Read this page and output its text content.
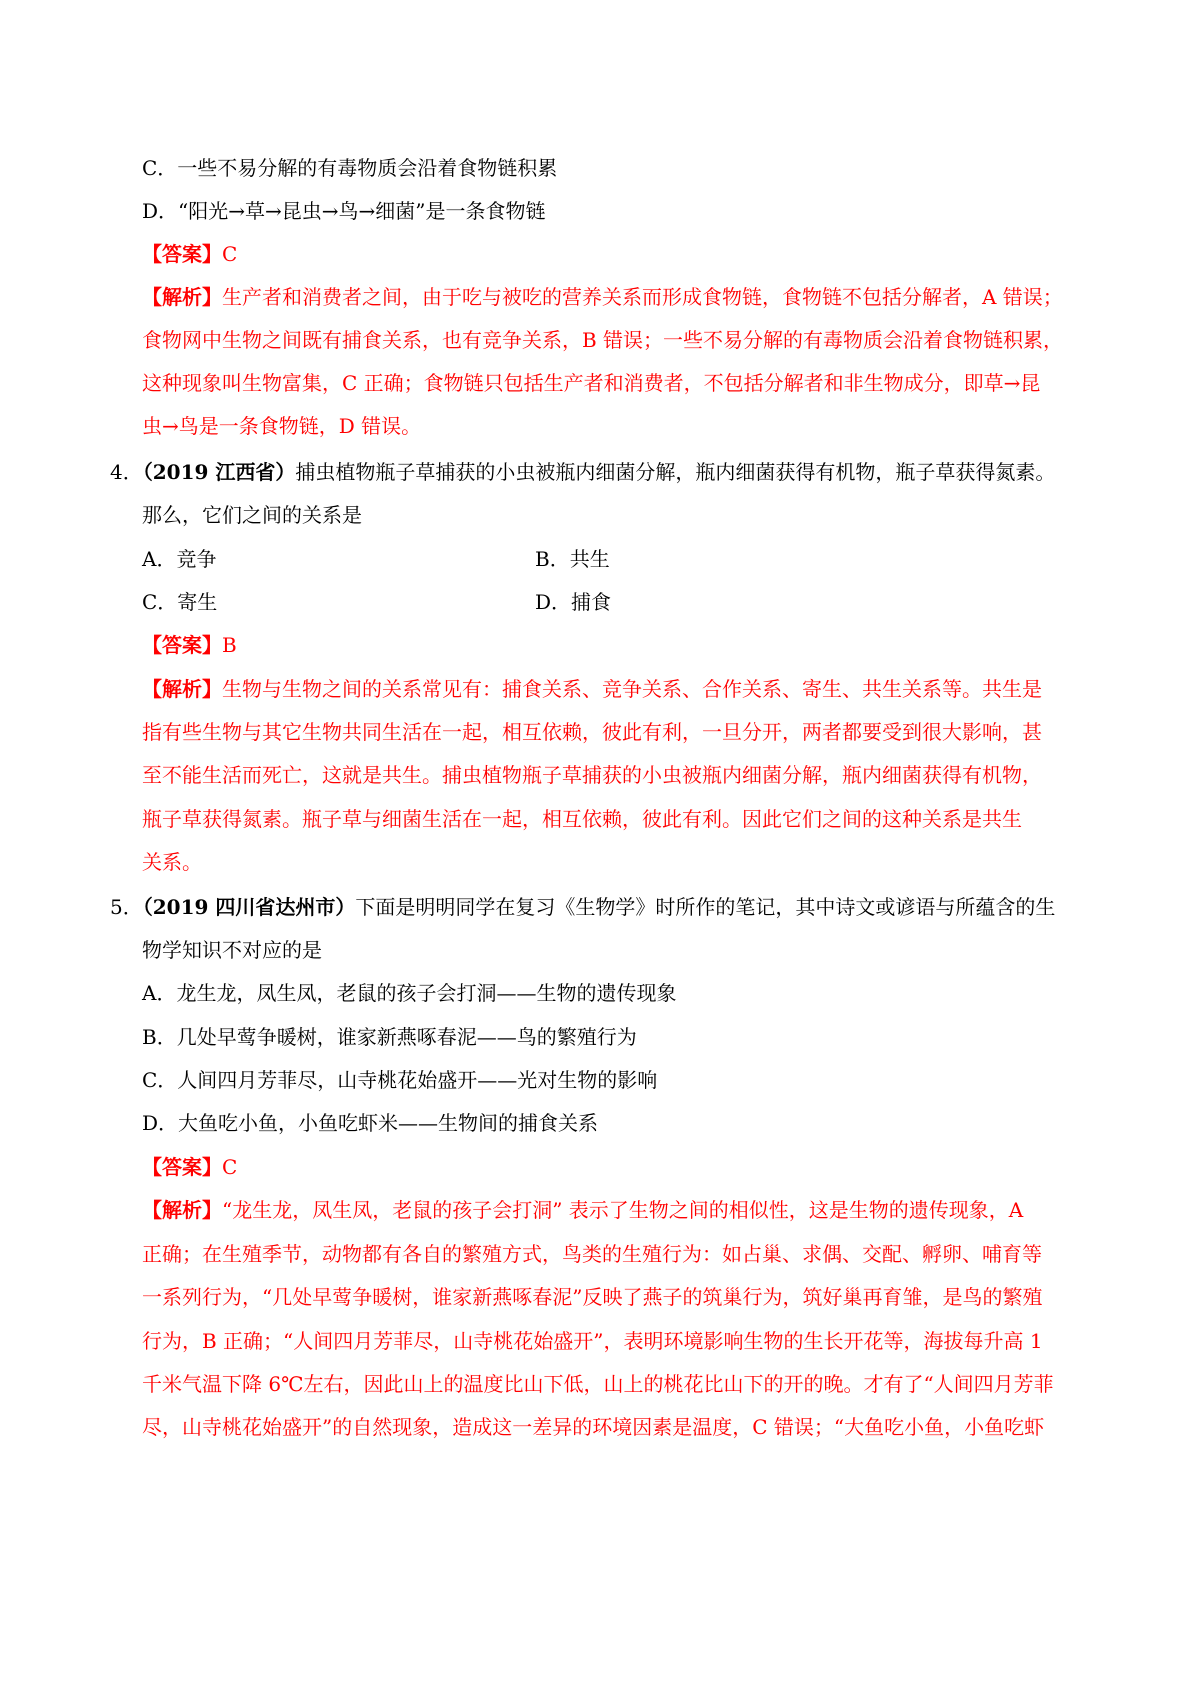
C．一些不易分解的有毒物质会沿着食物链积累
D．“阳光→草→昆虫→鸟→细菌”是一条食物链
【答案】C
【解析】生产者和消费者之间，由于吃与被吃的营养关系而形成食物链，食物链不包括分解者，A 错误；
食物网中生物之间既有捕食关系，也有竞争关系，B 错误；一些不易分解的有毒物质会沿着食物链积累，
这种现象叫生物富集，C 正确；食物链只包括生产者和消费者，不包括分解者和非生物成分，即草→昆
虫→鸟是一条食物链，D 错误。
4．（2019 江西省）捕虫植物瓶子草捕获的小虫被瓶内细菌分解，瓶内细菌获得有机物，瓶子草获得氮素。
那么，它们之间的关系是
A．竞争	B．共生
C．寄生	D．捕食
【答案】B
【解析】生物与生物之间的关系常见有：捕食关系、竞争关系、合作关系、寄生、共生关系等。共生是
指有些生物与其它生物共同生活在一起，相互依赖，彼此有利，一旦分开，两者都要受到很大影响，甚
至不能生活而死亡，这就是共生。捕虫植物瓶子草捕获的小虫被瓶内细菌分解，瓶内细菌获得有机物，
瓶子草获得氮素。瓶子草与细菌生活在一起，相互依赖，彼此有利。因此它们之间的这种关系是共生
关系。
5．（2019 四川省达州市）下面是明明同学在复习《生物学》时所作的笔记，其中诗文或谚语与所蕴含的生
物学知识不对应的是
A．龙生龙，凤生凤，老鼠的孩子会打洞——生物的遗传现象
B．几处早莺争暖树，谁家新燕啄春泥——鸟的繁殖行为
C．人间四月芳菲尽，山寺桃花始盛开——光对生物的影响
D．大鱼吃小鱼，小鱼吃虾米——生物间的捕食关系
【答案】C
【解析】“龙生龙，凤生凤，老鼠的孩子会打洞” 表示了生物之间的相似性，这是生物的遗传现象，A
正确；在生殖季节，动物都有各自的繁殖方式，鸟类的生殖行为：如占巢、求偶、交配、孵卵、哺育等
一系列行为，“几处早莺争暖树，谁家新燕啄春泥”反映了燕子的筑巢行为，筑好巢再育雏，是鸟的繁殖
行为，B 正确；“人间四月芳菲尽，山寺桃花始盛开”，表明环境影响生物的生长开花等，海拔每升高 1
千米气温下降 6℃左右，因此山上的温度比山下低，山上的桃花比山下的开的晚。才有了“人间四月芳菲
尽，山寺桃花始盛开”的自然现象，造成这一差异的环境因素是温度，C 错误；“大鱼吃小鱼，小鱼吃虾
